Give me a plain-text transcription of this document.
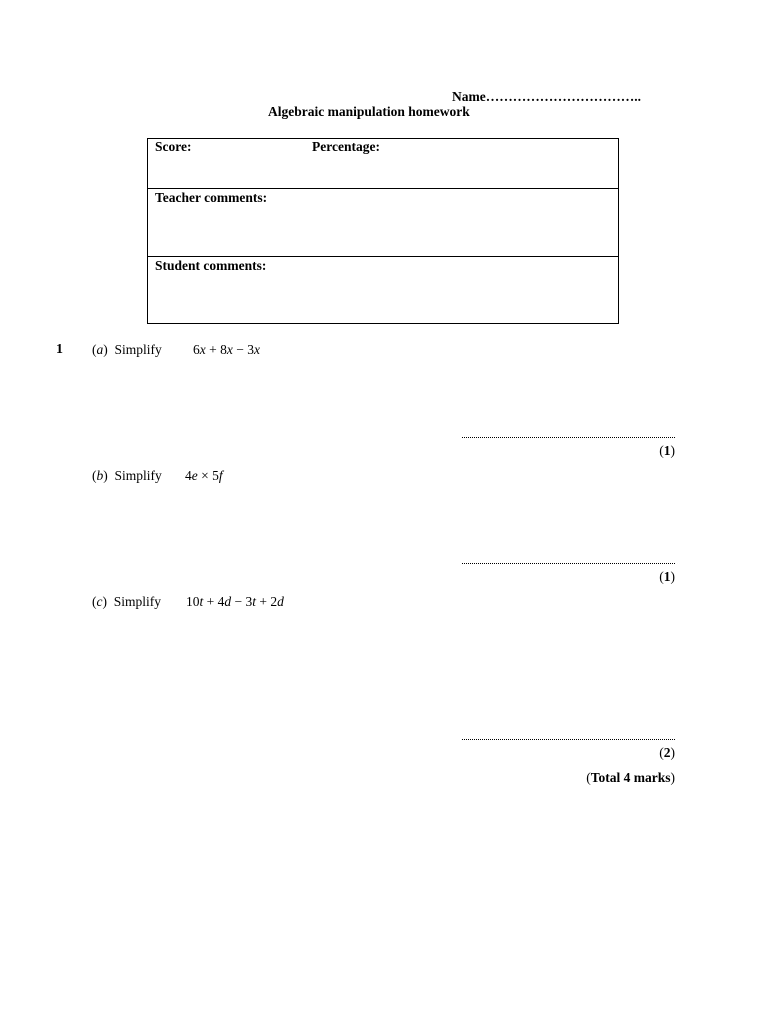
Name……………………………..
Algebraic manipulation homework
Score:	Percentage:
Teacher comments:
Student comments:
1 (a)  Simplify 6x + 8x − 3x
(1)
(b)  Simplify 4e × 5f
(1)
(c)  Simplify 10t + 4d − 3t + 2d
(2)
(Total 4 marks)
